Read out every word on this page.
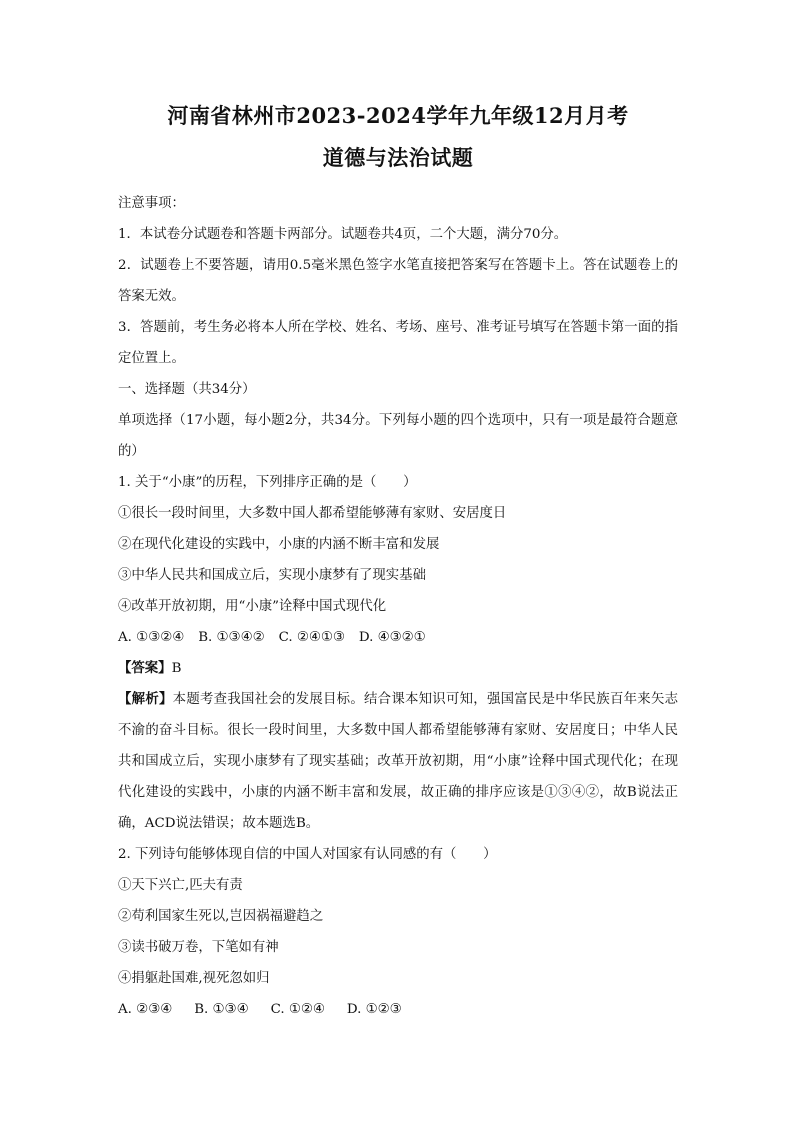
河南省林州市2023-2024学年九年级12月月考
道德与法治试题
注意事项：
1．本试卷分试题卷和答题卡两部分。试题卷共4页，二个大题，满分70分。
2．试题卷上不要答题，请用0.5毫米黑色签字水笔直接把答案写在答题卡上。答在试题卷上的答案无效。
3．答题前，考生务必将本人所在学校、姓名、考场、座号、准考证号填写在答题卡第一面的指定位置上。
一、选择题（共34分）
单项选择（17小题，每小题2分，共34分。下列每小题的四个选项中，只有一项是最符合题意的）
1. 关于“小康”的历程，下列排序正确的是（　　）
①很长一段时间里，大多数中国人都希望能够薄有家财、安居度日
②在现代化建设的实践中，小康的内涵不断丰富和发展
③中华人民共和国成立后，实现小康梦有了现实基础
④改革开放初期，用“小康”诠释中国式现代化
A. ①③②④ B. ①③④② C. ②④①③ D. ④③②①
【答案】B
【解析】本题考查我国社会的发展目标。结合课本知识可知，强国富民是中华民族百年来矢志不渝的奋斗目标。很长一段时间里，大多数中国人都希望能够薄有家财、安居度日；中华人民共和国成立后，实现小康梦有了现实基础；改革开放初期，用“小康”诠释中国式现代化；在现代化建设的实践中，小康的内涵不断丰富和发展，故正确的排序应该是①③④②，故B说法正确，ACD说法错误；故本题选B。
2. 下列诗句能够体现自信的中国人对国家有认同感的有（　　）
①天下兴亡,匹夫有责
②苟利国家生死以,岂因祸福避趋之
③读书破万卷，下笔如有神
④捐躯赴国难,视死忽如归
A. ②③④ B. ①③④ C. ①②④ D. ①②③
